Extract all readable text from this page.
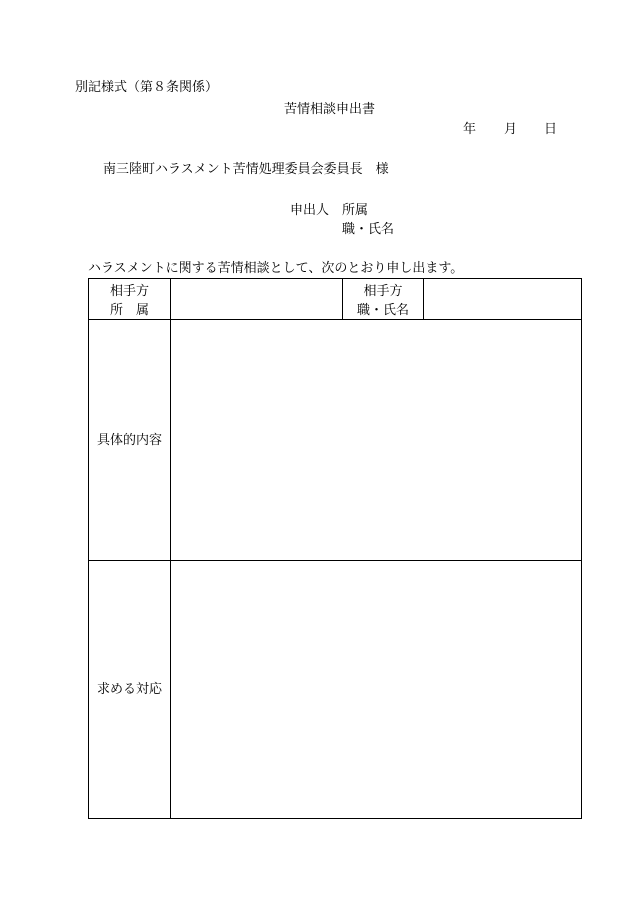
別記様式（第８条関係）
苦情相談申出書
年 月 日
南三陸町ハラスメント苦情処理委員会委員長　様
申出人 所属
職・氏名
ハラスメントに関する苦情相談として、次のとおり申し出ます。
相手方
所　属
相手方
職・氏名
具体的内容
求める対応
